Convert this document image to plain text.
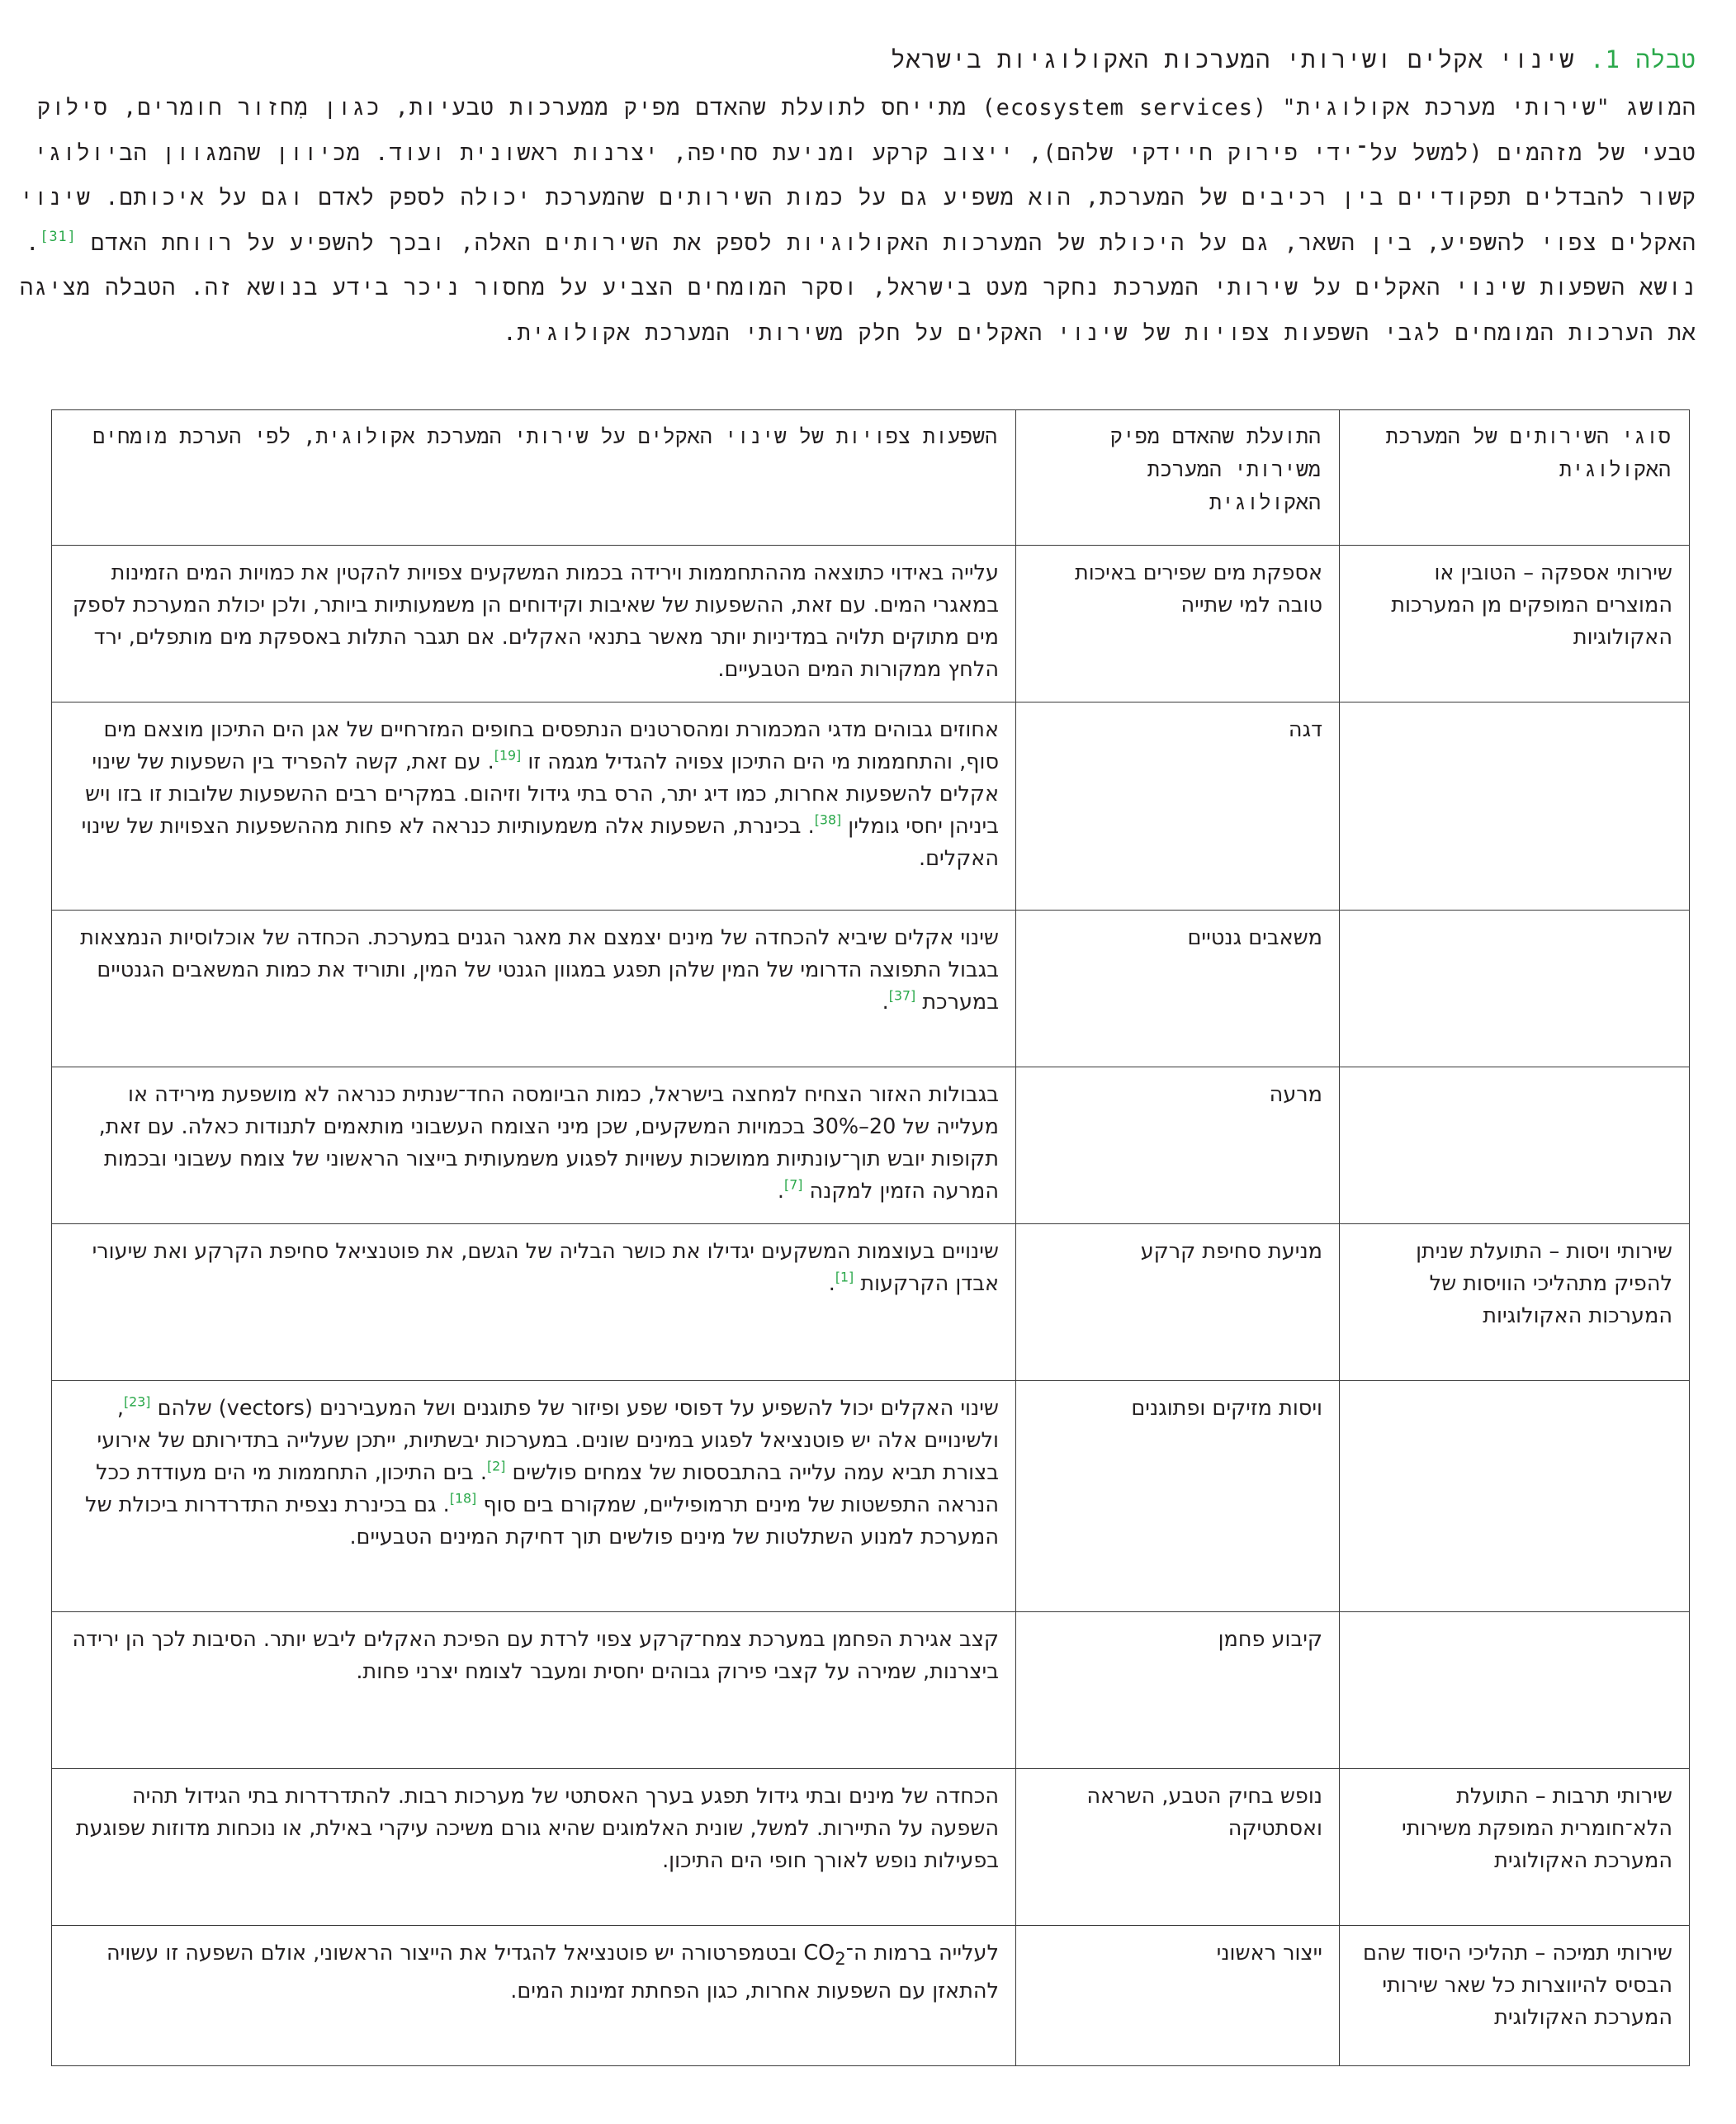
טבלה 1. שינוי אקלים ושירותי המערכות האקולוגיות בישראל
המושג "שירותי מערכת אקולוגית" (ecosystem services) מתייחס לתועלת שהאדם מפיק ממערכות טבעיות, כגון מִחזור חומרים, סילוק
טבעי של מזהמים (למשל על־ידי פירוק חיידקי שלהם), ייצוב קרקע ומניעת סחיפה, יצרנות ראשונית ועוד. מכיוון שהמגוון הביולוגי
קשור להבדלים תפקודיים בין רכיבים של המערכת, הוא משפיע גם על כמות השירותים שהמערכת יכולה לספק לאדם וגם על איכותם. שינוי
האקלים צפוי להשפיע, בין השאר, גם על היכולת של המערכות האקולוגיות לספק את השירותים האלה, ובכך להשפיע על רווחת האדם [31].
נושא השפעות שינוי האקלים על שירותי המערכת נחקר מעט בישראל, וסקר המומחים הצביע על מחסור ניכר בידע בנושא זה. הטבלה מציגה
את הערכות המומחים לגבי השפעות צפויות של שינוי האקלים על חלק משירותי המערכת אקולוגית.
סוגי השירותים של המערכת האקולוגית	התועלת שהאדם מפיק משירותי המערכת האקולוגית	השפעות צפויות של שינוי האקלים על שירותי המערכת אקולוגית, לפי הערכת מומחים

שירותי אספקה – הטובין או המוצרים המופקים מן המערכות האקולוגיות	אספקת מים שפירים באיכות טובה למי שתייה	עלייה באידוי כתוצאה מההתחממות וירידה בכמות המשקעים צפויות להקטין את כמויות המים הזמינות במאגרי המים. עם זאת, ההשפעות של שאיבות וקידוחים הן משמעותיות ביותר, ולכן יכולת המערכת לספק מים מתוקים תלויה במדיניות יותר מאשר בתנאי האקלים. אם תגבר התלות באספקת מים מותפלים, ירד הלחץ ממקורות המים הטבעיים.

	דגה	אחוזים גבוהים מדגי המכמורת ומהסרטנים הנתפסים בחופים המזרחיים של אגן הים התיכון מוצאם מים סוף, והתחממות מי הים התיכון צפויה להגדיל מגמה זו [19]. עם זאת, קשה להפריד בין השפעות של שינוי אקלים להשפעות אחרות, כמו דיג יתר, הרס בתי גידול וזיהום. במקרים רבים ההשפעות שלובות זו בזו ויש ביניהן יחסי גומלין [38]. בכינרת, השפעות אלה משמעותיות כנראה לא פחות מההשפעות הצפויות של שינוי האקלים.

	משאבים גנטיים	שינוי אקלים שיביא להכחדה של מינים יצמצם את מאגר הגנים במערכת. הכחדה של אוכלוסיות הנמצאות בגבול התפוצה הדרומי של המין שלהן תפגע במגוון הגנטי של המין, ותוריד את כמות המשאבים הגנטיים במערכת [37].

	מרעה	בגבולות האזור הצחיח למחצה בישראל, כמות הביומסה החד־שנתית כנראה לא מושפעת מירידה או מעלייה של 20–30% בכמויות המשקעים, שכן מיני הצומח העשבוני מותאמים לתנודות כאלה. עם זאת, תקופות יובש תוך־עונתיות ממושכות עשויות לפגוע משמעותית בייצור הראשוני של צומח עשבוני ובכמות המרעה הזמין למקנה [7].

שירותי ויסות – התועלת שניתן להפיק מתהליכי הוויסות של המערכות האקולוגיות	מניעת סחיפת קרקע	שינויים בעוצמות המשקעים יגדילו את כושר הבליה של הגשם, את פוטנציאל סחיפת הקרקע ואת שיעורי אבדן הקרקעות [1].

	ויסות מזיקים ופתוגנים	שינוי האקלים יכול להשפיע על דפוסי שפע ופיזור של פתוגנים ושל המעבירנים (vectors) שלהם [23], ולשינויים אלה יש פוטנציאל לפגוע במינים שונים. במערכות יבשתיות, ייתכן שעלייה בתדירותם של אירועי בצורת תביא עמה עלייה בהתבססות של צמחים פולשים [2]. בים התיכון, התחממות מי הים מעודדת ככל הנראה התפשטות של מינים תרמופיליים, שמקורם בים סוף [18]. גם בכינרת נצפית התדרדרות ביכולת של המערכת למנוע השתלטות של מינים פולשים תוך דחיקת המינים הטבעיים.

	קיבוע פחמן	קצב אגירת הפחמן במערכת צמח־קרקע צפוי לרדת עם הפיכת האקלים ליבש יותר. הסיבות לכך הן ירידה ביצרנות, שמירה על קצבי פירוק גבוהים יחסית ומעבר לצומח יצרני פחות.

שירותי תרבות – התועלת הלא־חומרית המופקת משירותי המערכת האקולוגית	נופש בחיק הטבע, השראה ואסתטיקה	הכחדה של מינים ובתי גידול תפגע בערך האסתטי של מערכות רבות. להתדרדרות בתי הגידול תהיה השפעה על התיירות. למשל, שונית האלמוגים שהיא גורם משיכה עיקרי באילת, או נוכחות מדוזות שפוגעת בפעילות נופש לאורך חופי הים התיכון.

שירותי תמיכה – תהליכי היסוד שהם הבסיס להיווצרות כל שאר שירותי המערכת האקולוגית	ייצור ראשוני	לעלייה ברמות $ה־CO_2$ ובטמפרטורה יש פוטנציאל להגדיל את הייצור הראשוני, אולם השפעה זו עשויה להתאזן עם השפעות אחרות, כגון הפחתת זמינות המים.
